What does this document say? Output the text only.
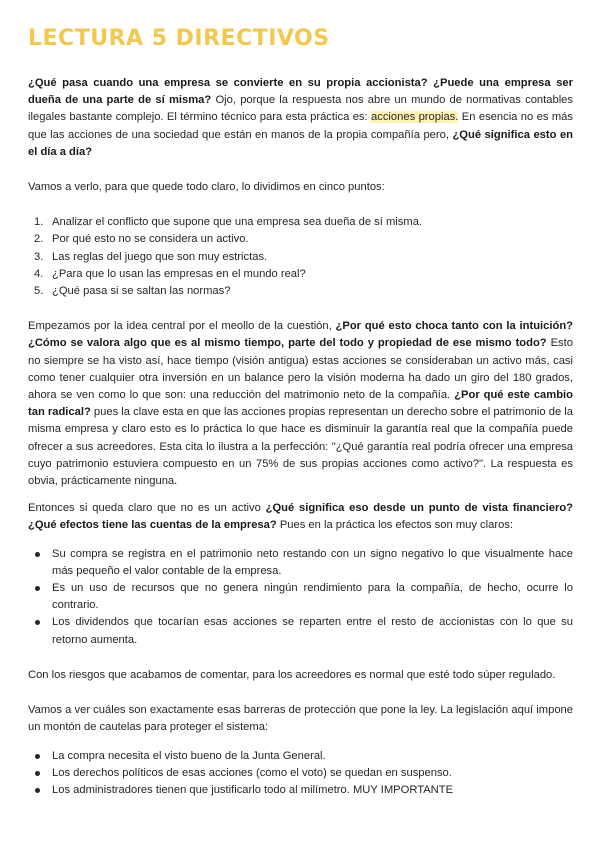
LECTURA 5 DIRECTIVOS

¿Qué pasa cuando una empresa se convierte en su propia accionista? ¿Puede una empresa ser dueña de una parte de sí misma? Ojo, porque la respuesta nos abre un mundo de normativas contables ilegales bastante complejo. El término técnico para esta práctica es: acciones propias. En esencia no es más que las acciones de una sociedad que están en manos de la propia compañía pero, ¿Qué significa esto en el día a día?

Vamos a verlo, para que quede todo claro, lo dividimos en cinco puntos:

1. Analizar el conflicto que supone que una empresa sea dueña de sí misma.
2. Por qué esto no se considera un activo.
3. Las reglas del juego que son muy estrictas.
4. ¿Para que lo usan las empresas en el mundo real?
5. ¿Qué pasa si se saltan las normas?

Empezamos por la idea central por el meollo de la cuestión, ¿Por qué esto choca tanto con la intuición? ¿Cómo se valora algo que es al mismo tiempo, parte del todo y propiedad de ese mismo todo? Esto no siempre se ha visto así, hace tiempo (visión antigua) estas acciones se consideraban un activo más, casi como tener cualquier otra inversión en un balance pero la visión moderna ha dado un giro del 180 grados, ahora se ven como lo que son: una reducción del matrimonio neto de la compañía. ¿Por qué este cambio tan radical? pues la clave esta en que las acciones propias representan un derecho sobre el patrimonio de la misma empresa y claro esto es lo práctica lo que hace es disminuir la garantía real que la compañía puede ofrecer a sus acreedores. Esta cita lo ilustra a la perfección: "¿Qué garantía real podría ofrecer una empresa cuyo patrimonio estuviera compuesto en un 75% de sus propias acciones como activo?". La respuesta es obvia, prácticamente ninguna.

Entonces si queda claro que no es un activo ¿Qué significa eso desde un punto de vista financiero? ¿Qué efectos tiene las cuentas de la empresa? Pues en la práctica los efectos son muy claros:

Su compra se registra en el patrimonio neto restando con un signo negativo lo que visualmente hace más pequeño el valor contable de la empresa.
Es un uso de recursos que no genera ningún rendimiento para la compañía, de hecho, ocurre lo contrario.
Los dividendos que tocarían esas acciones se reparten entre el resto de accionistas con lo que su retorno aumenta.

Con los riesgos que acabamos de comentar, para los acreedores es normal que esté todo súper regulado.

Vamos a ver cuáles son exactamente esas barreras de protección que pone la ley. La legislación aquí impone un montón de cautelas para proteger el sistema:

La compra necesita el visto bueno de la Junta General.
Los derechos políticos de esas acciones (como el voto) se quedan en suspenso.
Los administradores tienen que justificarlo todo al milímetro. MUY IMPORTANTE
